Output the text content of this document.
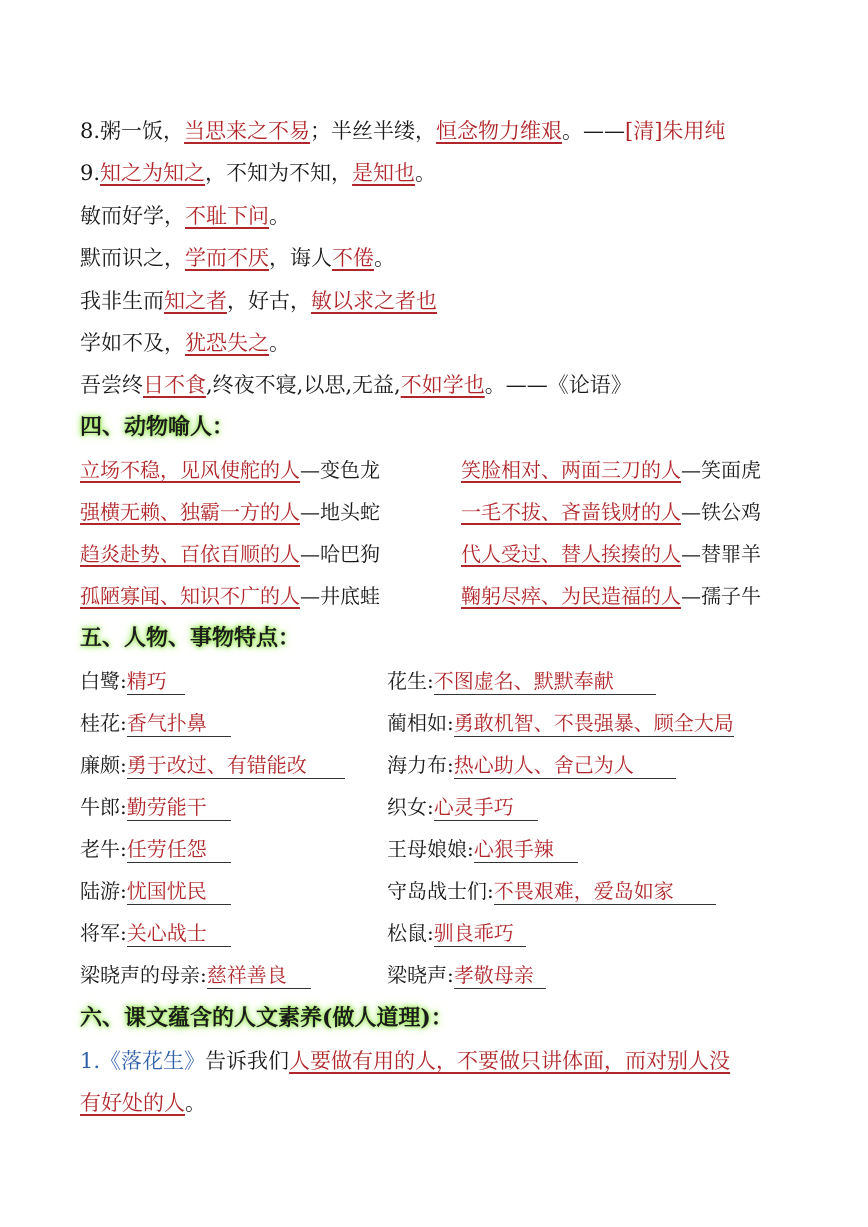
8.粥一饭，当思来之不易；半丝半缕，恒念物力维艰。——[清]朱用纯
9.知之为知之，不知为不知，是知也。
敏而好学，不耻下问。
默而识之，学而不厌，诲人不倦。
我非生而知之者，好古，敏以求之者也
学如不及，犹恐失之。
吾尝终日不食,终夜不寝,以思,无益,不如学也。——《论语》
四、动物喻人：
立场不稳，见风使舵的人—变色龙	笑脸相对、两面三刀的人—笑面虎
强横无赖、独霸一方的人—地头蛇	一毛不拔、吝啬钱财的人—铁公鸡
趋炎赴势、百依百顺的人—哈巴狗	代人受过、替人挨揍的人—替罪羊
孤陋寡闻、知识不广的人—井底蛙	鞠躬尽瘁、为民造福的人—孺子牛
五、人物、事物特点：
白鹭:精巧	花生:不图虚名、默默奉献
桂花:香气扑鼻	蔺相如:勇敢机智、不畏强暴、顾全大局
廉颇:勇于改过、有错能改	海力布:热心助人、舍己为人
牛郎:勤劳能干	织女:心灵手巧
老牛:任劳任怨	王母娘娘:心狠手辣
陆游:忧国忧民	守岛战士们:不畏艰难，爱岛如家
将军:关心战士	松鼠:驯良乖巧
梁晓声的母亲:慈祥善良	梁晓声:孝敬母亲
六、课文蕴含的人文素养(做人道理)：
1.《落花生》告诉我们人要做有用的人，不要做只讲体面，而对别人没
有好处的人。
